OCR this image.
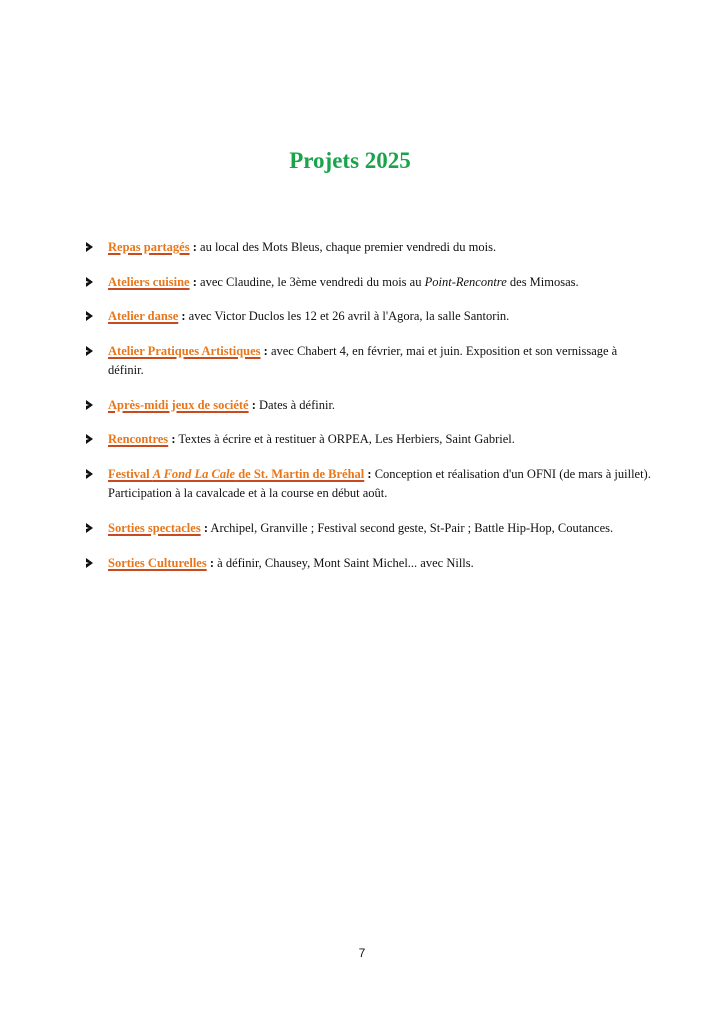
Projets 2025
Repas partagés : au local des Mots Bleus, chaque premier vendredi du mois.
Ateliers cuisine : avec Claudine, le 3ème vendredi du mois au Point-Rencontre des Mimosas.
Atelier danse : avec Victor Duclos les 12 et 26 avril à l'Agora, la salle Santorin.
Atelier Pratiques Artistiques : avec Chabert 4, en février, mai et juin. Exposition et son vernissage à définir.
Après-midi jeux de société : Dates à définir.
Rencontres : Textes à écrire et à restituer à ORPEA, Les Herbiers, Saint Gabriel.
Festival A Fond La Cale de St. Martin de Bréhal : Conception et réalisation d'un OFNI (de mars à juillet). Participation à la cavalcade et à la course en début août.
Sorties spectacles : Archipel, Granville ; Festival second geste, St-Pair ; Battle Hip-Hop, Coutances.
Sorties Culturelles : à définir, Chausey, Mont Saint Michel... avec Nills.
7
